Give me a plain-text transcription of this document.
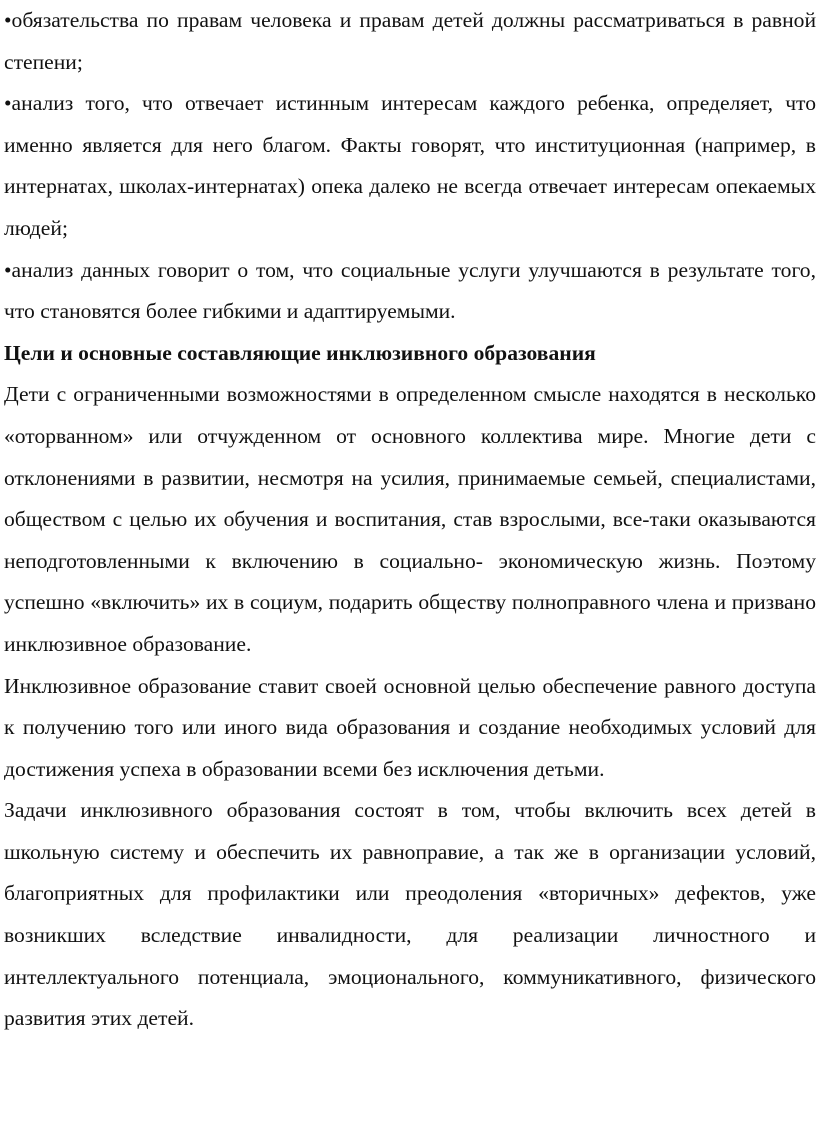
•обязательства по правам человека и правам детей должны рассматриваться в равной степени;

•анализ того, что отвечает истинным интересам каждого ребенка, определяет, что именно является для него благом. Факты говорят, что институционная (например, в интернатах, школах-интернатах) опека далеко не всегда отвечает интересам опекаемых людей;

•анализ данных говорит о том, что социальные услуги улучшаются в результате того, что становятся более гибкими и адаптируемыми.

Цели и основные составляющие инклюзивного образования

Дети с ограниченными возможностями в определенном смысле находятся в несколько «оторванном» или отчужденном от основного коллектива мире. Многие дети с отклонениями в развитии, несмотря на усилия, принимаемые семьей, специалистами, обществом с целью их обучения и воспитания, став взрослыми, все-таки оказываются неподготовленными к включению в социально- экономическую жизнь. Поэтому успешно «включить» их в социум, подарить обществу полноправного члена и призвано инклюзивное образование.

Инклюзивное образование ставит своей основной целью обеспечение равного доступа к получению того или иного вида образования и создание необходимых условий для достижения успеха в образовании всеми без исключения детьми.

Задачи инклюзивного образования состоят в том, чтобы включить всех детей в школьную систему и обеспечить их равноправие, а так же в организации условий, благоприятных для профилактики или преодоления «вторичных» дефектов, уже возникших вследствие инвалидности, для реализации личностного и интеллектуального потенциала, эмоционального, коммуникативного, физического развития этих детей.
